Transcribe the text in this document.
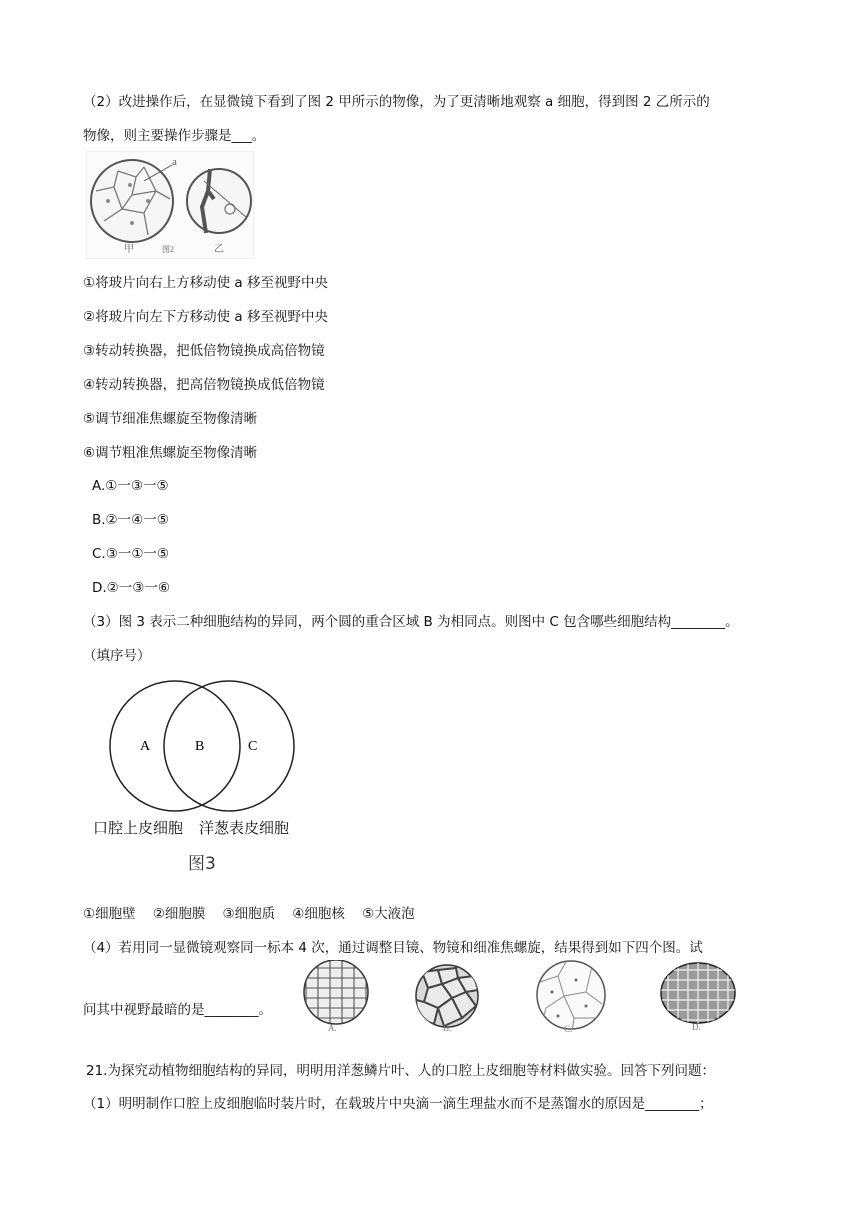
（2）改进操作后，在显微镜下看到了图 2 甲所示的物像，为了更清晰地观察 a 细胞，得到图 2 乙所示的
物像，则主要操作步骤是___。
a
甲	图2	乙
①将玻片向右上方移动使 a 移至视野中央
②将玻片向左下方移动使 a 移至视野中央
③转动转换器，把低倍物镜换成高倍物镜
④转动转换器，把高倍物镜换成低倍物镜
⑤调节细准焦螺旋至物像清晰
⑥调节粗准焦螺旋至物像清晰
A.①一③一⑤
B.②一④一⑤
C.③一①一⑤
D.②一③一⑥
（3）图 3 表示二种细胞结构的异同，两个圆的重合区域 B 为相同点。则图中 C 包含哪些细胞结构________。
（填序号）
A	B	C
口腔上皮细胞 洋葱表皮细胞
图3
①细胞壁    ②细胞膜    ③细胞质    ④细胞核    ⑤大液泡
（4）若用同一显微镜观察同一标本 4 次，通过调整目镜、物镜和细准焦螺旋，结果得到如下四个图。试
问其中视野最暗的是________。
A.	B.	C.	D.
21.为探究动植物细胞结构的异同，明明用洋葱鳞片叶、人的口腔上皮细胞等材料做实验。回答下列问题：
（1）明明制作口腔上皮细胞临时装片时，在载玻片中央滴一滴生理盐水而不是蒸馏水的原因是________；
